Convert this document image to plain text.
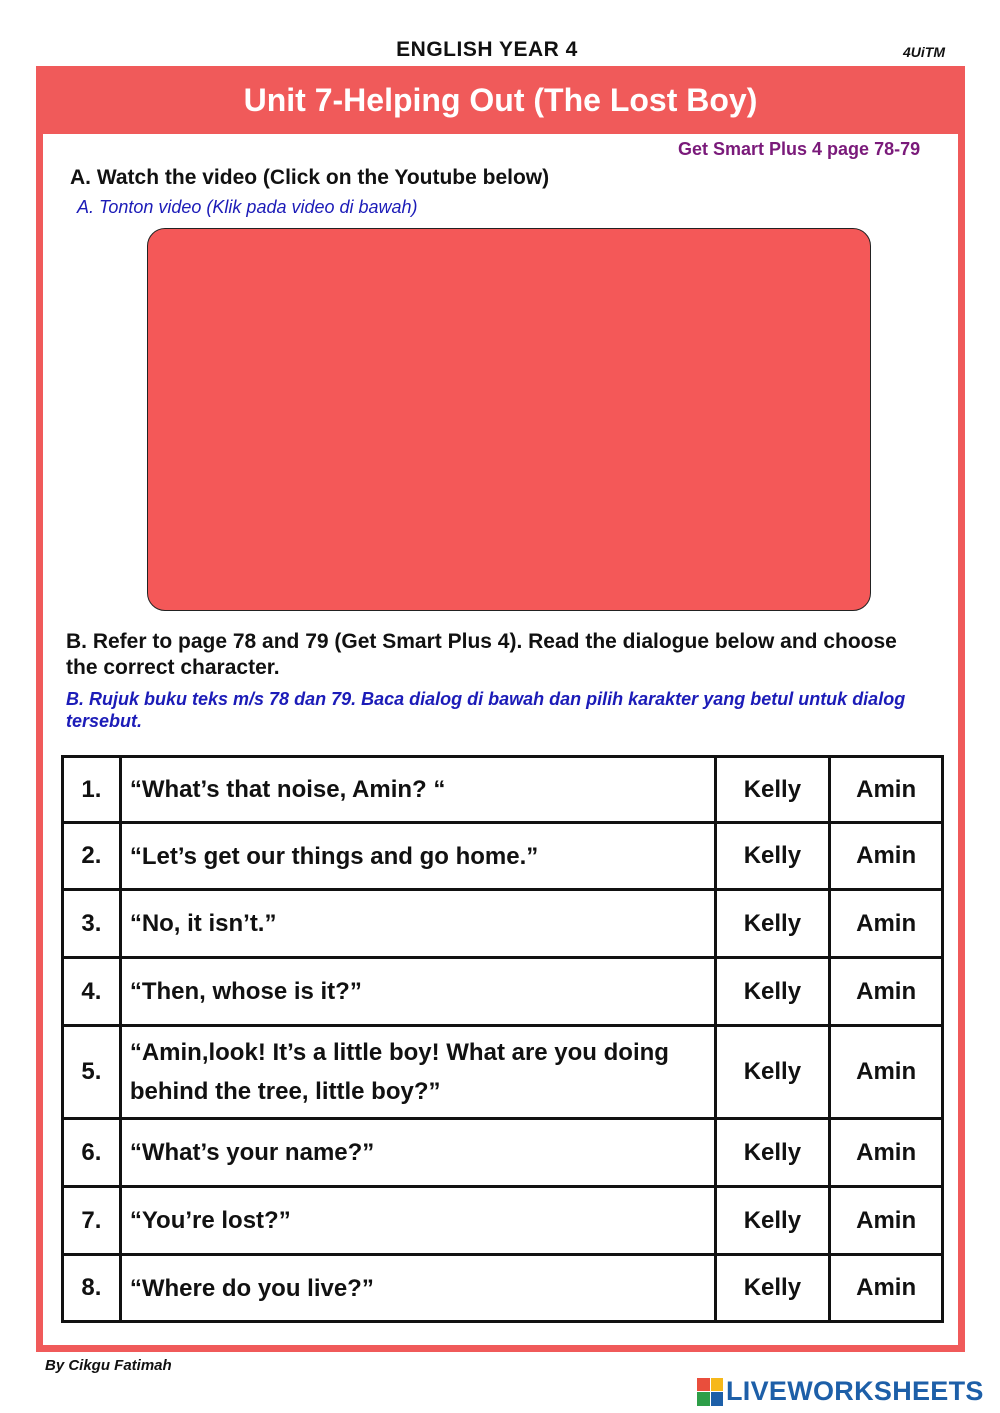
ENGLISH YEAR 4	4UiTM
Unit 7-Helping Out (The Lost Boy)
Get Smart Plus 4 page 78-79
A. Watch the video (Click on the Youtube below)
A. Tonton video (Klik pada video di bawah)
B. Refer to page 78 and 79 (Get Smart Plus 4). Read the dialogue below and choose the correct character.
B. Rujuk buku teks m/s 78 dan 79. Baca dialog di bawah dan pilih karakter yang betul untuk dialog tersebut.
1.	“What’s that noise, Amin? “	Kelly	Amin
2.	“Let’s get our things and go home.”	Kelly	Amin
3.	“No, it isn’t.”	Kelly	Amin
4.	“Then, whose is it?”	Kelly	Amin
5.	“Amin,look! It’s a little boy! What are you doing behind the tree, little boy?”	Kelly	Amin
6.	“What’s your name?”	Kelly	Amin
7.	“You’re lost?”	Kelly	Amin
8.	“Where do you live?”	Kelly	Amin
By Cikgu Fatimah
LIVEWORKSHEETS
